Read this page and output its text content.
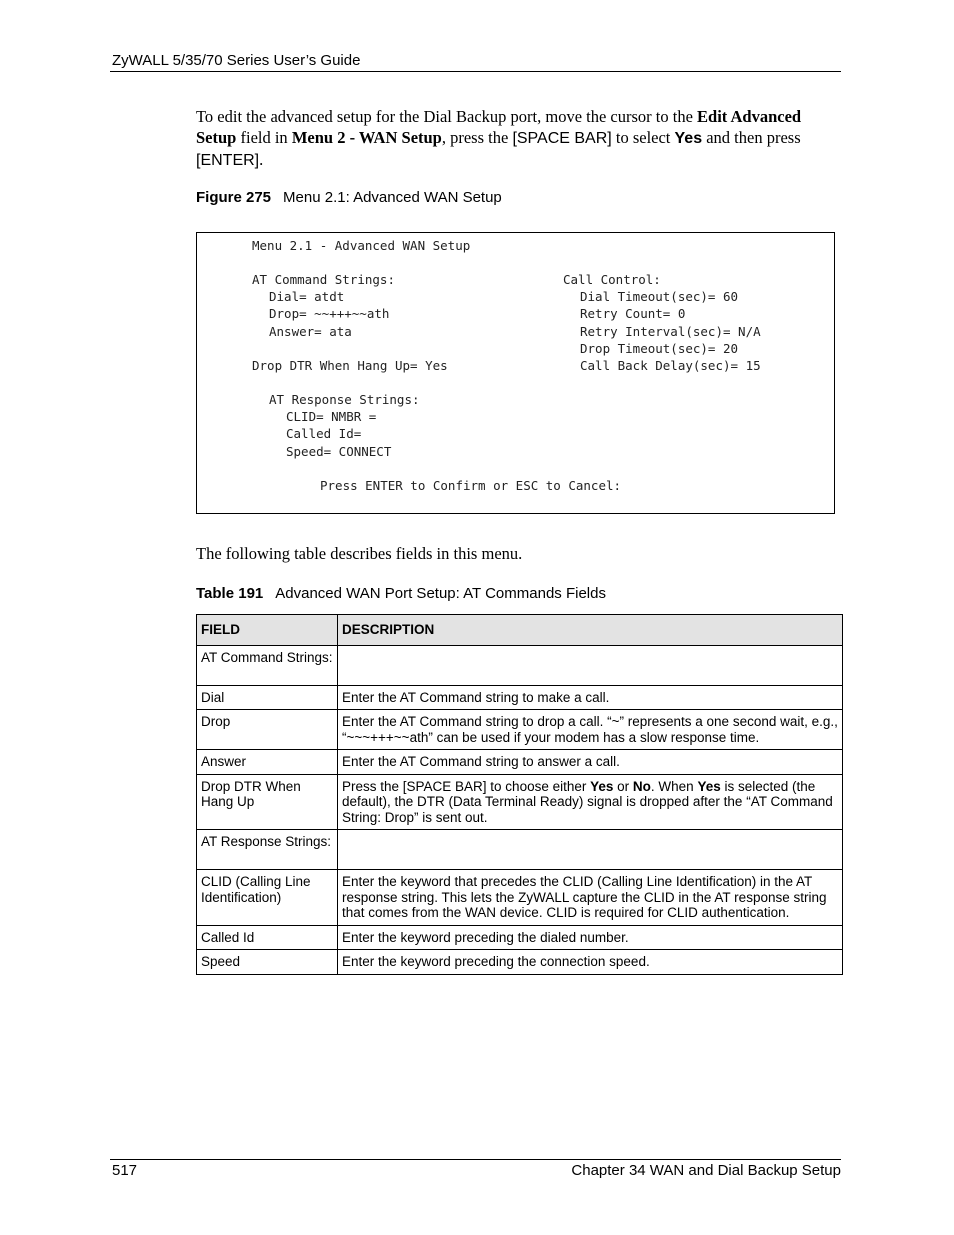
ZyWALL 5/35/70 Series User’s Guide

To edit the advanced setup for the Dial Backup port, move the cursor to the Edit Advanced Setup field in Menu 2 - WAN Setup, press the [SPACE BAR] to select Yes and then press [ENTER].

Figure 275 Menu 2.1: Advanced WAN Setup
Menu 2.1 - Advanced WAN Setup
AT Command Strings:
Dial= atdt
Drop= ~~+++~~ath
Answer= ata
Drop DTR When Hang Up= Yes
AT Response Strings:
CLID= NMBR =
Called Id=
Speed= CONNECT
Press ENTER to Confirm or ESC to Cancel:
Call Control:
Dial Timeout(sec)= 60
Retry Count= 0
Retry Interval(sec)= N/A
Drop Timeout(sec)= 20
Call Back Delay(sec)= 15
The following table describes fields in this menu.
Table 191 Advanced WAN Port Setup: AT Commands Fields
FIELD	DESCRIPTION
AT Command Strings:	
Dial	Enter the AT Command string to make a call.
Drop	Enter the AT Command string to drop a call. “~” represents a one second wait, e.g., “~~~+++~~ath” can be used if your modem has a slow response time.
Answer	Enter the AT Command string to answer a call.
Drop DTR When Hang Up	Press the [SPACE BAR] to choose either Yes or No. When Yes is selected (the default), the DTR (Data Terminal Ready) signal is dropped after the “AT Command String: Drop” is sent out.
AT Response Strings:	
CLID (Calling Line Identification)	Enter the keyword that precedes the CLID (Calling Line Identification) in the AT response string. This lets the ZyWALL capture the CLID in the AT response string that comes from the WAN device. CLID is required for CLID authentication.
Called Id	Enter the keyword preceding the dialed number.
Speed	Enter the keyword preceding the connection speed.
517	Chapter 34 WAN and Dial Backup Setup
